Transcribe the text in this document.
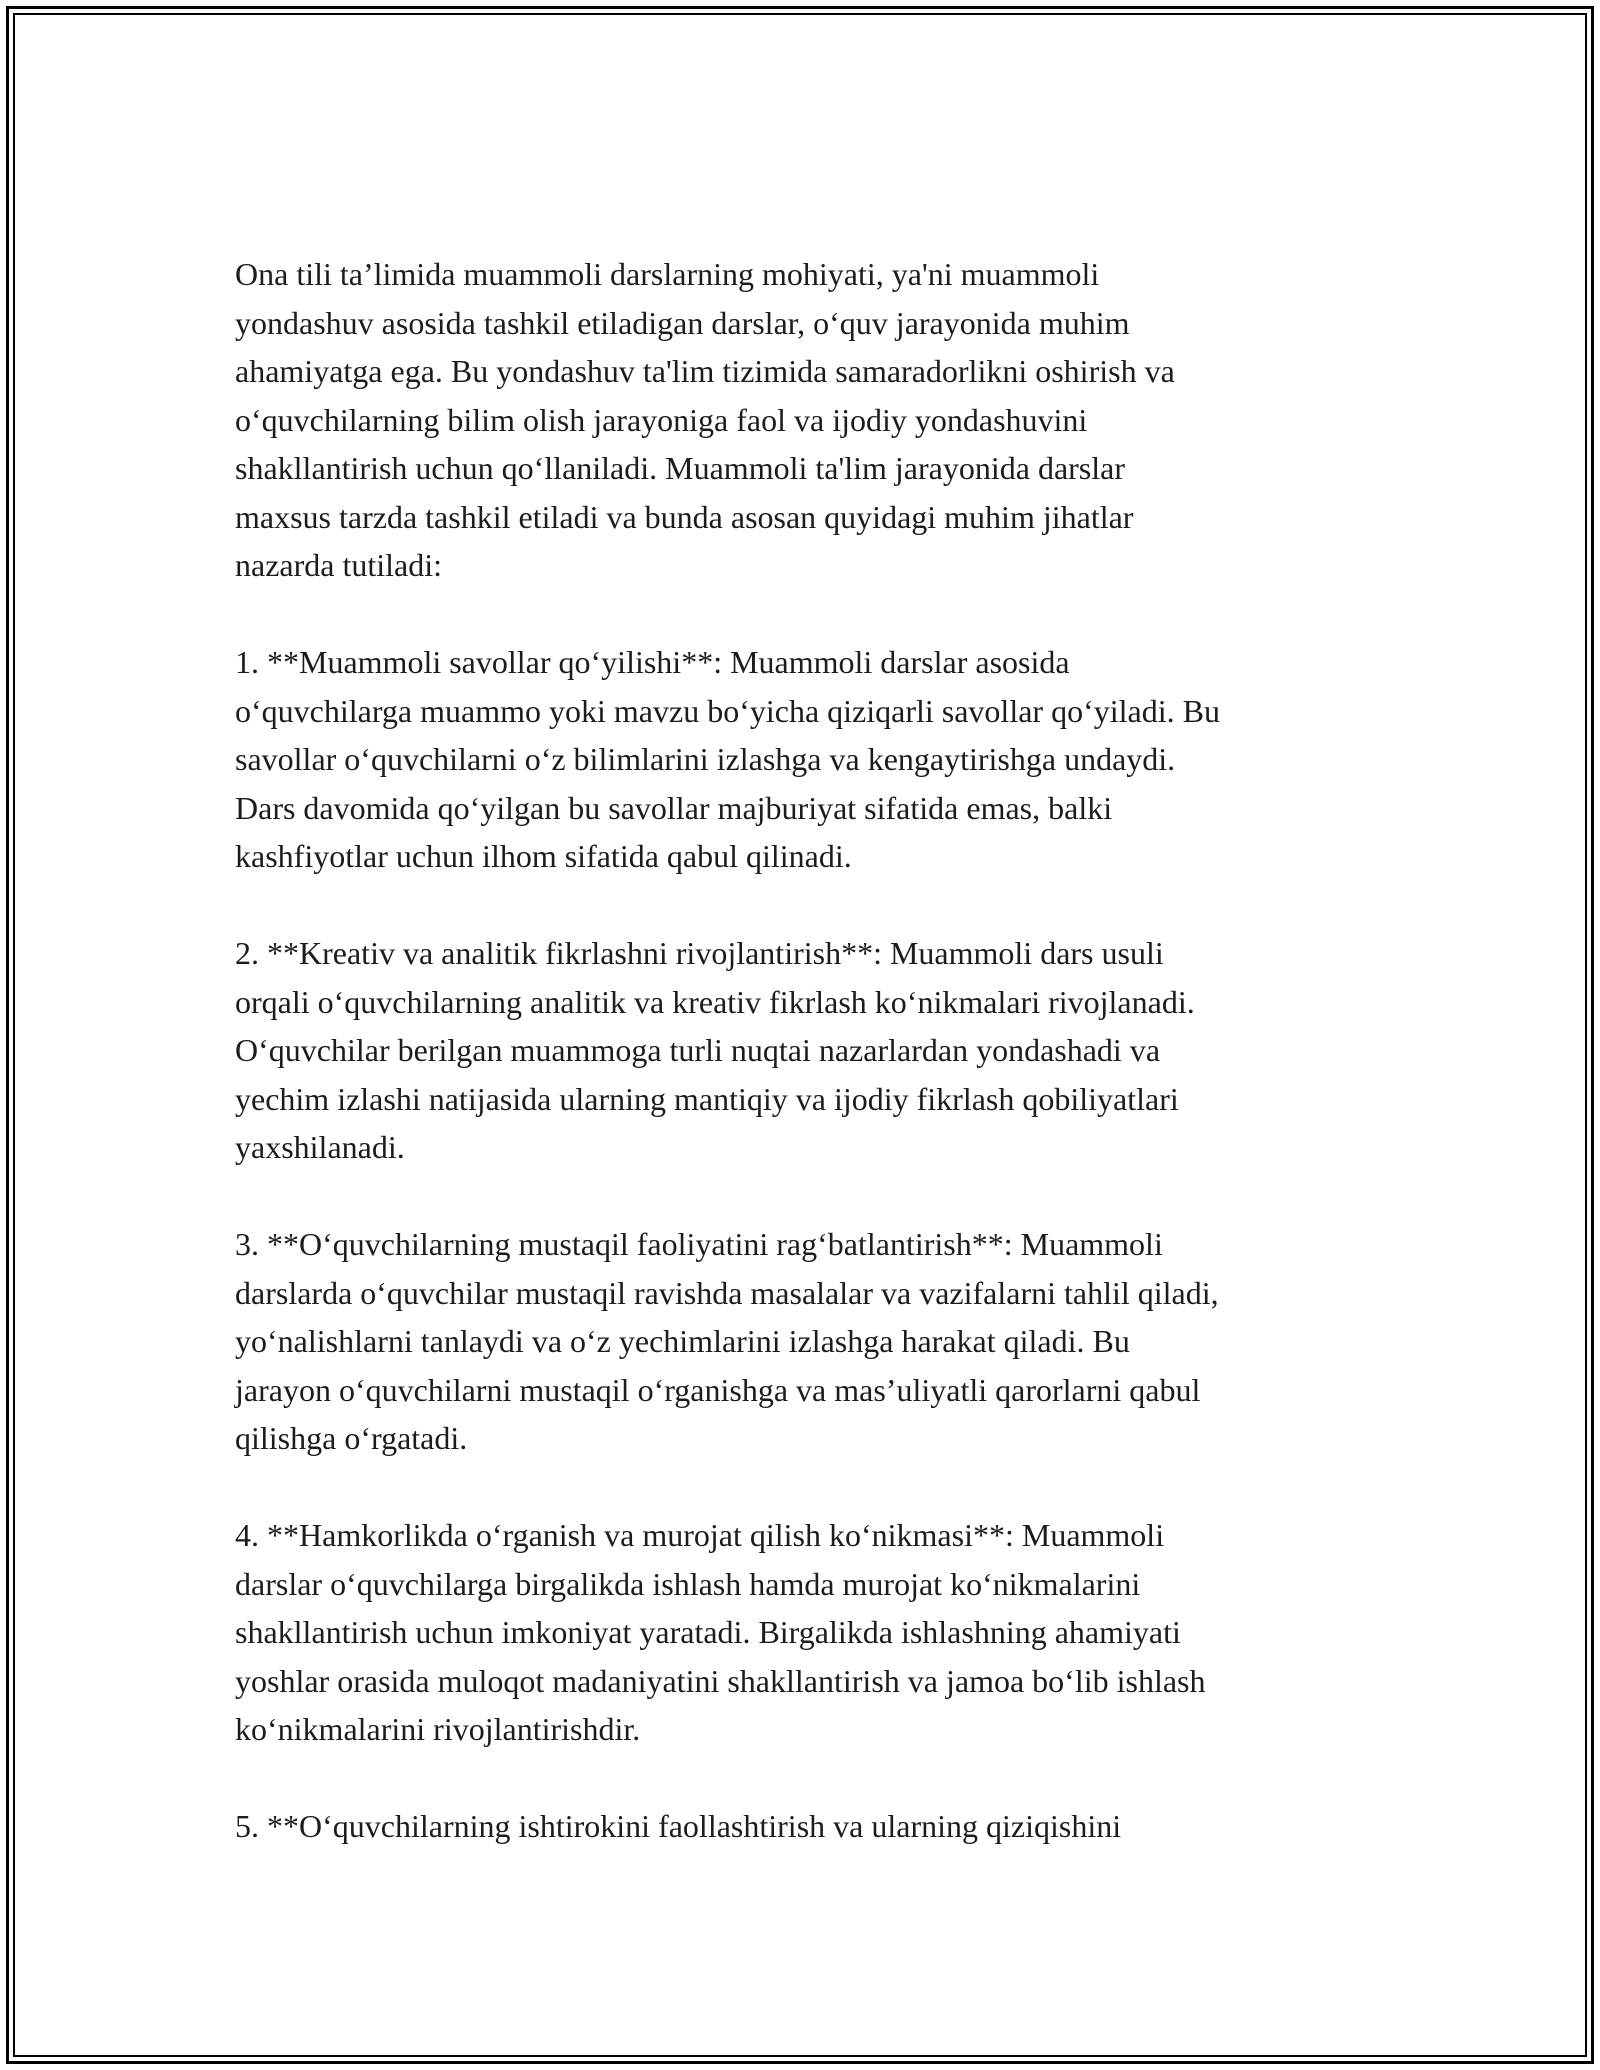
Ona tili ta’limida muammoli darslarning mohiyati, ya'ni muammoli
yondashuv asosida tashkil etiladigan darslar, o‘quv jarayonida muhim
ahamiyatga ega. Bu yondashuv ta'lim tizimida samaradorlikni oshirish va
o‘quvchilarning bilim olish jarayoniga faol va ijodiy yondashuvini
shakllantirish uchun qo‘llaniladi. Muammoli ta'lim jarayonida darslar
maxsus tarzda tashkil etiladi va bunda asosan quyidagi muhim jihatlar
nazarda tutiladi:

1. **Muammoli savollar qo‘yilishi**: Muammoli darslar asosida
o‘quvchilarga muammo yoki mavzu bo‘yicha qiziqarli savollar qo‘yiladi. Bu
savollar o‘quvchilarni o‘z bilimlarini izlashga va kengaytirishga undaydi.
Dars davomida qo‘yilgan bu savollar majburiyat sifatida emas, balki
kashfiyotlar uchun ilhom sifatida qabul qilinadi.

2. **Kreativ va analitik fikrlashni rivojlantirish**: Muammoli dars usuli
orqali o‘quvchilarning analitik va kreativ fikrlash ko‘nikmalari rivojlanadi.
O‘quvchilar berilgan muammoga turli nuqtai nazarlardan yondashadi va
yechim izlashi natijasida ularning mantiqiy va ijodiy fikrlash qobiliyatlari
yaxshilanadi.

3. **O‘quvchilarning mustaqil faoliyatini rag‘batlantirish**: Muammoli
darslarda o‘quvchilar mustaqil ravishda masalalar va vazifalarni tahlil qiladi,
yo‘nalishlarni tanlaydi va o‘z yechimlarini izlashga harakat qiladi. Bu
jarayon o‘quvchilarni mustaqil o‘rganishga va mas’uliyatli qarorlarni qabul
qilishga o‘rgatadi.

4. **Hamkorlikda o‘rganish va murojat qilish ko‘nikmasi**: Muammoli
darslar o‘quvchilarga birgalikda ishlash hamda murojat ko‘nikmalarini
shakllantirish uchun imkoniyat yaratadi. Birgalikda ishlashning ahamiyati
yoshlar orasida muloqot madaniyatini shakllantirish va jamoa bo‘lib ishlash
ko‘nikmalarini rivojlantirishdir.

5. **O‘quvchilarning ishtirokini faollashtirish va ularning qiziqishini
